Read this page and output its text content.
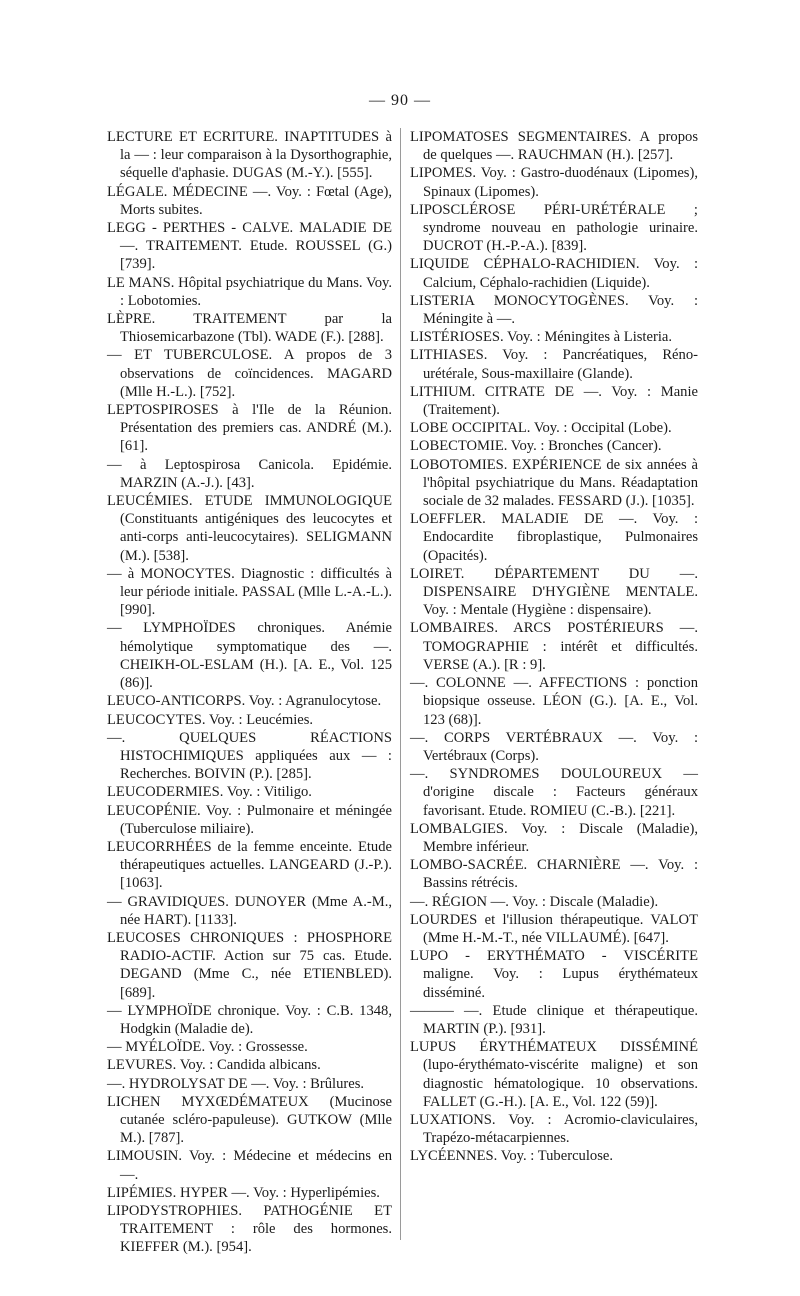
— 90 —

LECTURE ET ECRITURE. INAPTITUDES à la — : leur comparaison à la Dysorthographie, séquelle d'aphasie. DUGAS (M.-Y.). [555].

LÉGALE. MÉDECINE —. Voy. : Fœtal (Age), Morts subites.

LEGG - PERTHES - CALVE. MALADIE DE —. TRAITEMENT. Etude. ROUSSEL (G.) [739].

LE MANS. Hôpital psychiatrique du Mans. Voy. : Lobotomies.

LÈPRE. TRAITEMENT par la Thiosemicarbazone (Tbl). WADE (F.). [288].

— ET TUBERCULOSE. A propos de 3 observations de coïncidences. MAGARD (Mlle H.-L.). [752].

LEPTOSPIROSES à l'Ile de la Réunion. Présentation des premiers cas. ANDRÉ (M.). [61].

— à Leptospirosa Canicola. Epidémie. MARZIN (A.-J.). [43].

LEUCÉMIES. ETUDE IMMUNOLOGIQUE (Constituants antigéniques des leucocytes et anti-corps anti-leucocytaires). SELIGMANN (M.). [538].

— à MONOCYTES. Diagnostic : difficultés à leur période initiale. PASSAL (Mlle L.-A.-L.). [990].

— LYMPHOÏDES chroniques. Anémie hémolytique symptomatique des —. CHEIKH-OL-ESLAM (H.). [A. E., Vol. 125 (86)].

LEUCO-ANTICORPS. Voy. : Agranulocytose.

LEUCOCYTES. Voy. : Leucémies.

—. QUELQUES RÉACTIONS HISTOCHIMIQUES appliquées aux — : Recherches. BOIVIN (P.). [285].

LEUCODERMIES. Voy. : Vitiligo.

LEUCOPÉNIE. Voy. : Pulmonaire et méningée (Tuberculose miliaire).

LEUCORRHÉES de la femme enceinte. Etude thérapeutiques actuelles. LANGEARD (J.-P.). [1063].

— GRAVIDIQUES. DUNOYER (Mme A.-M., née HART). [1133].

LEUCOSES CHRONIQUES : PHOSPHORE RADIO-ACTIF. Action sur 75 cas. Etude. DEGAND (Mme C., née ETIENBLED). [689].

— LYMPHOÏDE chronique. Voy. : C.B. 1348, Hodgkin (Maladie de).

— MYÉLOÏDE. Voy. : Grossesse.

LEVURES. Voy. : Candida albicans.

—. HYDROLYSAT DE —. Voy. : Brûlures.

LICHEN MYXŒDÉMATEUX (Mucinose cutanée scléro-papuleuse). GUTKOW (Mlle M.). [787].

LIMOUSIN. Voy. : Médecine et médecins en —.

LIPÉMIES. HYPER —. Voy. : Hyperlipémies.

LIPODYSTROPHIES. PATHOGÉNIE ET TRAITEMENT : rôle des hormones. KIEFFER (M.). [954].

LIPOMATOSES SEGMENTAIRES. A propos de quelques —. RAUCHMAN (H.). [257].

LIPOMES. Voy. : Gastro-duodénaux (Lipomes), Spinaux (Lipomes).

LIPOSCLÉROSE PÉRI-URÉTÉRALE ; syndrome nouveau en pathologie urinaire. DUCROT (H.-P.-A.). [839].

LIQUIDE CÉPHALO-RACHIDIEN. Voy. : Calcium, Céphalo-rachidien (Liquide).

LISTERIA MONOCYTOGÈNES. Voy. : Méningite à —.

LISTÉRIOSES. Voy. : Méningites à Listeria.

LITHIASES. Voy. : Pancréatiques, Réno-urétérale, Sous-maxillaire (Glande).

LITHIUM. CITRATE DE —. Voy. : Manie (Traitement).

LOBE OCCIPITAL. Voy. : Occipital (Lobe).

LOBECTOMIE. Voy. : Bronches (Cancer).

LOBOTOMIES. EXPÉRIENCE de six années à l'hôpital psychiatrique du Mans. Réadaptation sociale de 32 malades. FESSARD (J.). [1035].

LOEFFLER. MALADIE DE —. Voy. : Endocardite fibroplastique, Pulmonaires (Opacités).

LOIRET. DÉPARTEMENT DU —. DISPENSAIRE D'HYGIÈNE MENTALE. Voy. : Mentale (Hygiène : dispensaire).

LOMBAIRES. ARCS POSTÉRIEURS —. TOMOGRAPHIE : intérêt et difficultés. VERSE (A.). [R : 9].

—. COLONNE —. AFFECTIONS : ponction biopsique osseuse. LÉON (G.). [A. E., Vol. 123 (68)].

—. CORPS VERTÉBRAUX —. Voy. : Vertébraux (Corps).

—. SYNDROMES DOULOUREUX — d'origine discale : Facteurs généraux favorisant. Etude. ROMIEU (C.-B.). [221].

LOMBALGIES. Voy. : Discale (Maladie), Membre inférieur.

LOMBO-SACRÉE. CHARNIÈRE —. Voy. : Bassins rétrécis.

—. RÉGION —. Voy. : Discale (Maladie).

LOURDES et l'illusion thérapeutique. VALOT (Mme H.-M.-T., née VILLAUMÉ). [647].

LUPO - ERYTHÉMATO - VISCÉRITE maligne. Voy. : Lupus érythémateux disséminé.

——— —. Etude clinique et thérapeutique. MARTIN (P.). [931].

LUPUS ÉRYTHÉMATEUX DISSÉMINÉ (lupo-érythémato-viscérite maligne) et son diagnostic hématologique. 10 observations. FALLET (G.-H.). [A. E., Vol. 122 (59)].

LUXATIONS. Voy. : Acromio-claviculaires, Trapézo-métacarpiennes.

LYCÉENNES. Voy. : Tuberculose.
